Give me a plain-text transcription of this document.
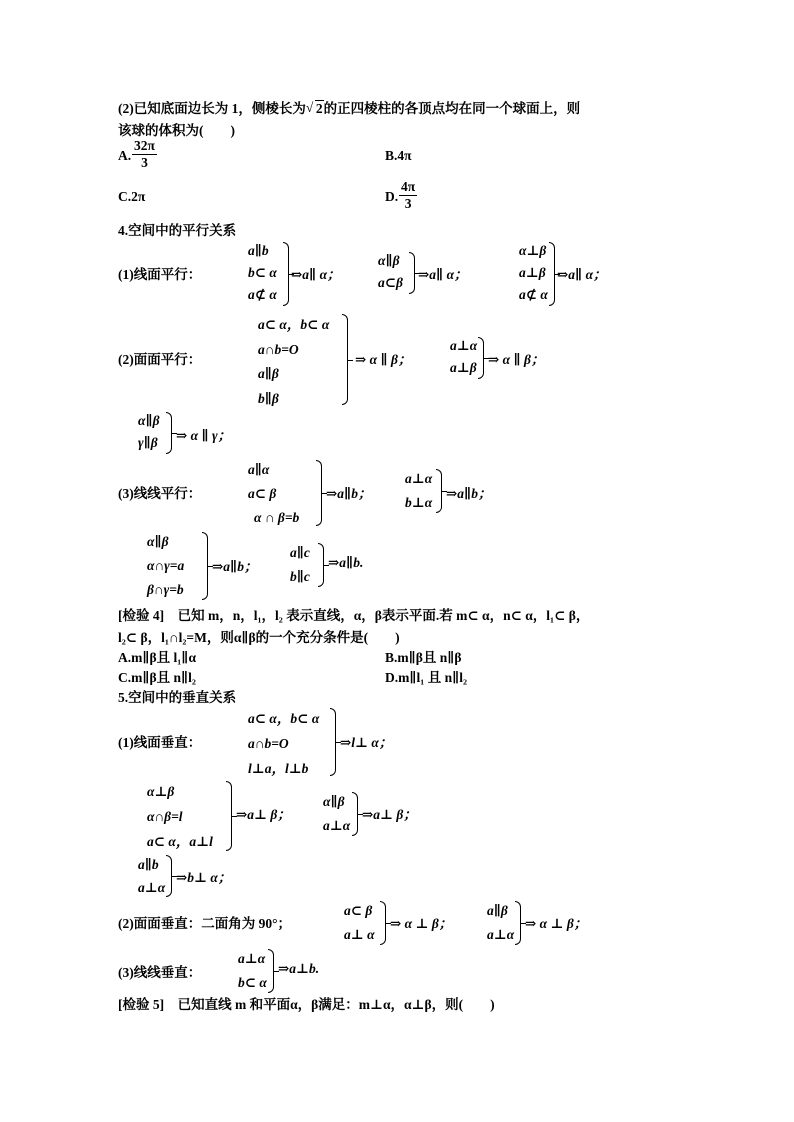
(2)已知底面边长为 1，侧棱长为 √ 2的正四棱柱的各顶点均在同一个球面上，则
该球的体积为(　　)
A. $\frac{32\pi}{3}$	B.4π
C.2π	D. $\frac{4\pi}{3}$
4.空间中的平行关系
(1)线面平行：
a∥b
b⊂ α
a⊄ α
⇒a∥ α；
α∥β
a⊂β
⇒a∥ α；
α⊥β
a⊥β
a⊄ α
⇒a∥ α；
(2)面面平行：
a⊂ α，b⊂ α
a∩b=O
a∥β
b∥β
⇒ α ∥ β；
a⊥α
a⊥β
⇒ α ∥ β；
α∥β
γ∥β ⇒ α ∥ γ；
(3)线线平行：
a∥α
a⊂ β
α ∩ β=b
⇒a∥b；
a⊥α
b⊥α
⇒a∥b；
α∥β
α∩γ=a
β∩γ=b
⇒a∥b；
a∥c
b∥c
⇒a∥b.
[检验 4]　已知 m，n，l₁，l₂ 表示直线，α，β表示平面.若 m⊂ α，n⊂ α，l₁⊂ β，
l₂⊂ β，l₁∩l₂=M，则α∥β的一个充分条件是(　　)
A.m∥β且 l₁∥α	B.m∥β且 n∥β
C.m∥β且 n∥l₂	D.m∥l₁ 且 n∥l₂
5.空间中的垂直关系
(1)线面垂直：
a⊂ α，b⊂ α
a∩b=O
l⊥a，l⊥b
⇒l⊥ α；
α⊥β
α∩β=l
a⊂ α，a⊥l
⇒a⊥ β；
α∥β
a⊥α
⇒a⊥ β；
a∥b
a⊥α
⇒b⊥ α；
(2)面面垂直：二面角为 90°；
a⊂ β
a⊥ α
⇒ α ⊥ β；
a∥β
a⊥α
⇒ α ⊥ β；
(3)线线垂直：
a⊥α
b⊂ α
⇒a⊥b.
[检验 5]　已知直线 m 和平面α，β满足：m⊥α，α⊥β，则(　　)
